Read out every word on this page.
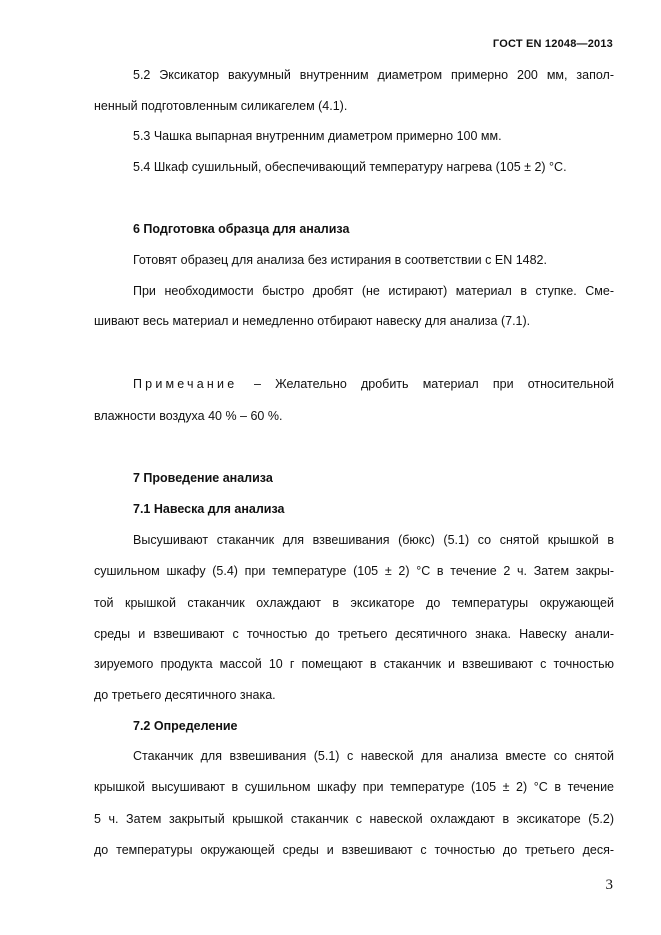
ГОСТ EN 12048—2013
5.2 Эксикатор вакуумный внутренним диаметром примерно 200 мм, запол-
ненный подготовленным силикагелем (4.1).
5.3 Чашка выпарная внутренним диаметром примерно 100 мм.
5.4 Шкаф сушильный, обеспечивающий температуру нагрева (105 ± 2) °С.
6 Подготовка образца для анализа
Готовят образец для анализа без истирания в соответствии с EN 1482.
При необходимости быстро дробят (не истирают) материал в ступке. Сме-
шивают весь материал и немедленно отбирают навеску для анализа (7.1).
Примечание – Желательно дробить материал при относительной
влажности воздуха 40 % – 60 %.
7 Проведение анализа
7.1 Навеска для анализа
Высушивают стаканчик для взвешивания (бюкс) (5.1) со снятой крышкой в
сушильном шкафу (5.4) при температуре (105 ± 2) °С в течение 2 ч. Затем закры-
той крышкой стаканчик охлаждают в эксикаторе до температуры окружающей
среды и взвешивают с точностью до третьего десятичного знака. Навеску анали-
зируемого продукта массой 10 г помещают в стаканчик и взвешивают с точностью
до третьего десятичного знака.
7.2 Определение
Стаканчик для взвешивания (5.1) с навеской для анализа вместе со снятой
крышкой высушивают в сушильном шкафу при температуре (105 ± 2) °С в течение
5 ч. Затем закрытый крышкой стаканчик с навеской охлаждают в эксикаторе (5.2)
до температуры окружающей среды и взвешивают с точностью до третьего деся-
3
